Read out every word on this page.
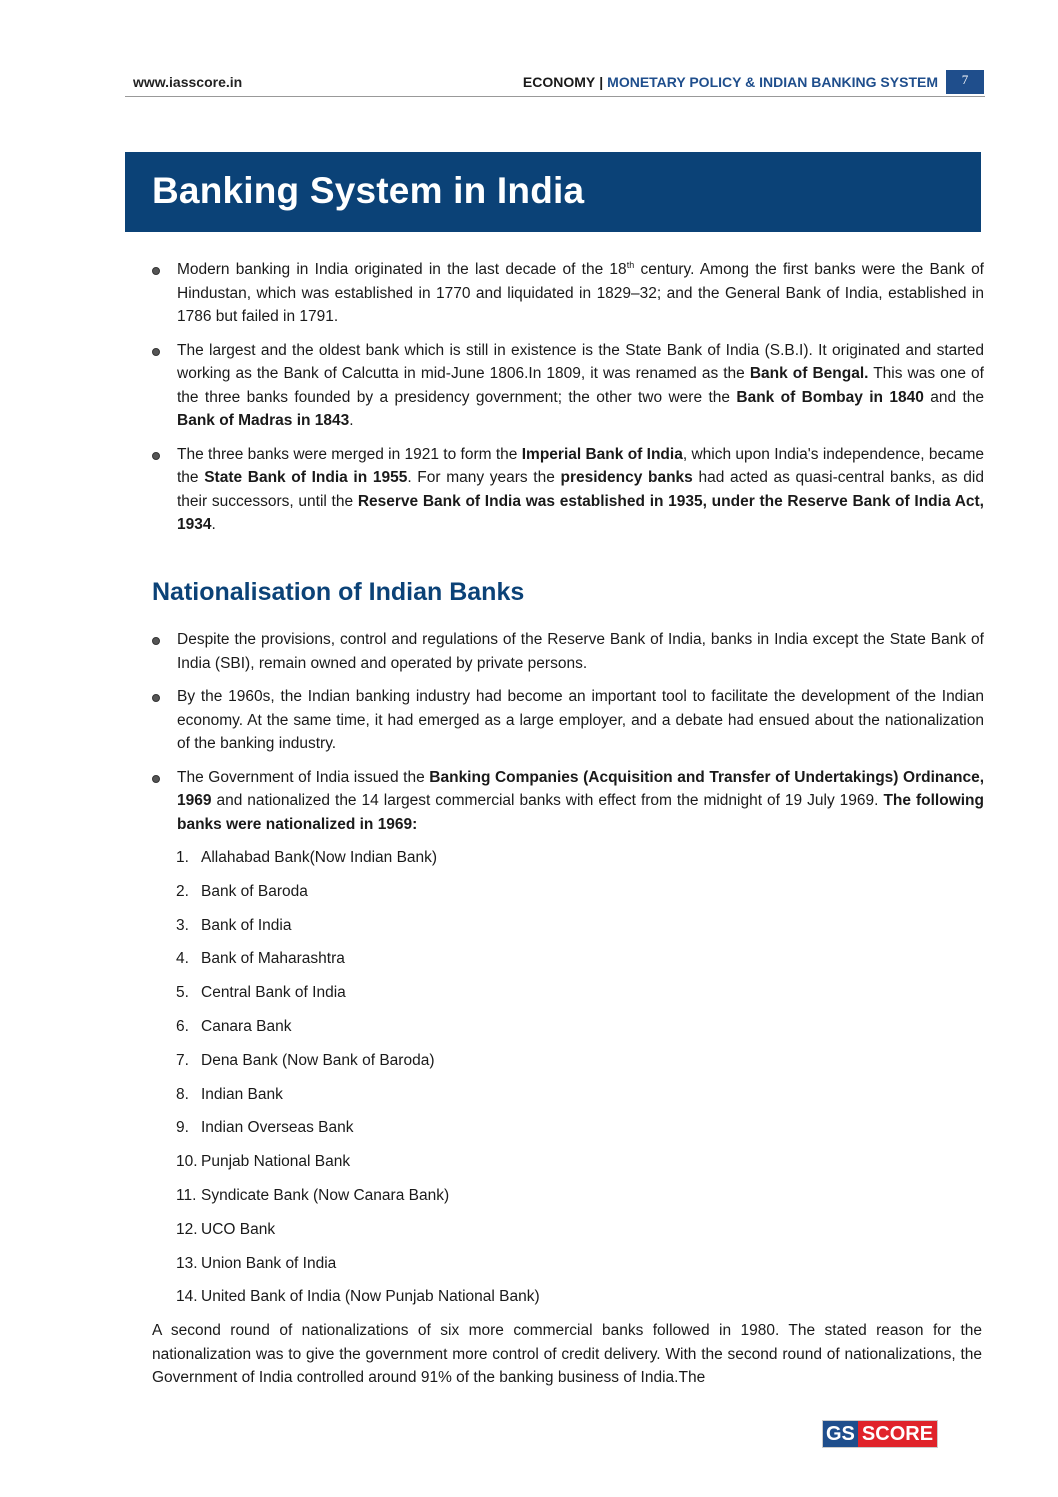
www.iasscore.in	ECONOMY | MONETARY POLICY & INDIAN BANKING SYSTEM	7
Banking System in India
Modern banking in India originated in the last decade of the 18th century. Among the first banks were the Bank of Hindustan, which was established in 1770 and liquidated in 1829–32; and the General Bank of India, established in 1786 but failed in 1791.
The largest and the oldest bank which is still in existence is the State Bank of India (S.B.I). It originated and started working as the Bank of Calcutta in mid-June 1806.In 1809, it was renamed as the Bank of Bengal. This was one of the three banks founded by a presidency government; the other two were the Bank of Bombay in 1840 and the Bank of Madras in 1843.
The three banks were merged in 1921 to form the Imperial Bank of India, which upon India's independence, became the State Bank of India in 1955. For many years the presidency banks had acted as quasi-central banks, as did their successors, until the Reserve Bank of India was established in 1935, under the Reserve Bank of India Act, 1934.
Nationalisation of Indian Banks
Despite the provisions, control and regulations of the Reserve Bank of India, banks in India except the State Bank of India (SBI), remain owned and operated by private persons.
By the 1960s, the Indian banking industry had become an important tool to facilitate the development of the Indian economy. At the same time, it had emerged as a large employer, and a debate had ensued about the nationalization of the banking industry.
The Government of India issued the Banking Companies (Acquisition and Transfer of Undertakings) Ordinance, 1969 and nationalized the 14 largest commercial banks with effect from the midnight of 19 July 1969. The following banks were nationalized in 1969:
1. Allahabad Bank(Now Indian Bank)
2. Bank of Baroda
3. Bank of India
4. Bank of Maharashtra
5. Central Bank of India
6. Canara Bank
7. Dena Bank (Now Bank of Baroda)
8. Indian Bank
9. Indian Overseas Bank
10. Punjab National Bank
11. Syndicate Bank (Now Canara Bank)
12. UCO Bank
13. Union Bank of India
14. United Bank of India (Now Punjab National Bank)
A second round of nationalizations of six more commercial banks followed in 1980. The stated reason for the nationalization was to give the government more control of credit delivery. With the second round of nationalizations, the Government of India controlled around 91% of the banking business of India.The
GS SCORE
